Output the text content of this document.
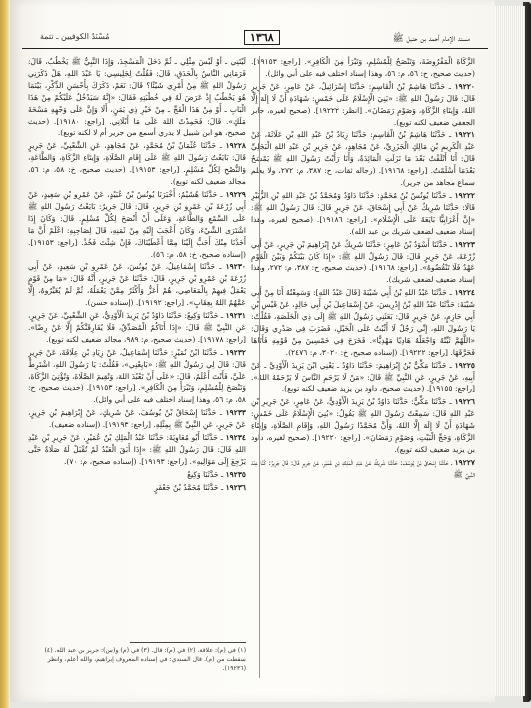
مسند الإمام أحمد بن حنبل ﷺ
١٣٦٨
مُسْنَدُ الكوفيين ـ تتمة

الزَّكَاةَ الْمَفْرُوضَةَ، وَتَنْصَحُ لِلْمُسْلِمِ، وَتَبْرَأُ مِنَ الْكَافِرِ». [راجع: ١٩١٥٣]. (حديث صحيح، ح: ٥٦، م: ٥٦، وهذا إسناد اختلف فيه على أبي وائل).

١٩٢٢٠ ـ حَدَّثَنَا هَاشِمُ بْنُ الْقَاسِمِ: حَدَّثَنَا إِسْرَائِيلُ، عَنْ عَامِرٍ، عَنْ جَرِيرٍ قَالَ: قَالَ رَسُولُ اللهِ ﷺ: «بَنِيَ الْإِسْلَامُ عَلَى خَمْسٍ: شَهَادَةِ أَنْ لَا إِلَهَ إِلَّا اللهُ، وَإِيتَاءِ الزَّكَاةِ، وَصَوْمِ رَمَضَانَ». [انظر: ١٩٢٢٢]. (صحيح لغيره، جابر الجعفي ضعيف لكنه توبع).

١٩٢٢١ ـ حَدَّثَنَا هَاشِمُ بْنُ الْقَاسِمِ: حَدَّثَنَا زِيَادُ بْنُ عَبْدِ اللهِ بْنِ عَلَاثَةَ، عَنْ عَبْدِ الْكَرِيمِ بْنِ مَالِكٍ الْجَزَرِيِّ، عَنْ مُجَاهِدٍ، عَنْ جَرِيرِ بْنِ عَبْدِ اللهِ الْبَجَلِيِّ قَالَ: أَنَا أَتْلَفْتُ بَعْدَ مَا نَزَلَتِ الْمَائِدَةُ، وَأَنَا رَأَيْتُ رَسُولَ اللهِ ﷺ يَمْسَحُ بَعْدَمَا أَسْلَمْتُ. [راجع: ١٩١٦٨]. (رجاله ثقات، ح: ٣٨٧، م: ٢٧٢، ولا يعلم سماع مجاهد من جرير).

١٩٢٢٢ ـ حَدَّثَنَا يُونُسُ بْنُ مُحَمَّدٍ: حَدَّثَنَا دَاوُدُ وَمُحَمَّدٌ بْنُ عَبْدِ اللهِ بْنِ الزُّبَيْرِ قَالَا: حَدَّثَنَا شَرِيكٌ عَنْ أَبِي إِسْحَاقَ، عَنْ جَرِيرٍ قَالَ: قَالَ رَسُولُ اللهِ ﷺ: «إِنَّ أَعْرَابِيًّا بَايَعَهُ عَلَى الْإِسْلَامِ». [راجع: ١٩١٨٦]. (صحيح لغيره، وهذا إسناد ضعيف لضعف شريك بن عبد الله).

١٩٢٢٣ ـ حَدَّثَنَا أَسْوَدُ بْنُ عَامِرٍ: حَدَّثَنَا شَرِيكٌ عَنْ إِبْرَاهِيمَ بْنِ جَرِيرٍ، عَنْ أَبِي زُرْعَةَ، عَنْ جَرِيرٍ قَالَ: قَالَ رَسُولُ اللهِ ﷺ: «إِذَا كَانَ بَيْنَكُمْ وَبَيْنَ الْقَوْمِ عَهْدٌ فَلَا تَنْقُضُوهُ». [راجع: ١٩١٦٨]. (حديث صحيح، ح: ٣٨٧، م: ٢٧٢، وهذا إسناد ضعيف لضعف شريك).

١٩٢٢٤ ـ حَدَّثَنَا عَبْدُ اللهِ بْنُ أَبِي شَيْبَةَ [قَالَ عَبْدُ اللهِ]: وَسَمِعْتُهُ أَنَا مِنْ أَبِي شَيْبَةَ: حَدَّثَنَا عَبْدُ اللهِ بْنُ إِدْرِيسَ، عَنْ إِسْمَاعِيلَ بْنِ أَبِي خَالِدٍ، عَنْ قَيْسِ بْنِ أَبِي حَازِمٍ، عَنْ جَرِيرٍ قَالَ: بَعَثَنِي رَسُولُ اللهِ ﷺ إِلَى ذِي الْخَلَصَةِ، فَقُلْتُ: يَا رَسُولَ اللهِ، إِنِّي رَجُلٌ لَا أَثْبُتُ عَلَى الْخَيْلِ، فَضَرَبَ فِي صَدْرِي وَقَالَ: «اللَّهُمَّ ثَبِّتْهُ وَاجْعَلْهُ هَادِيًا مَهْدِيًّا». فَخَرَجَ فِي خَمْسِينَ مِنْ قَوْمِهِ فَأَتَاهَا فَحَرَّقَهَا. [راجع: ١٩٢٢٢]. (إسناده صحيح، خ: ٣٠٢٠، م: ٢٤٧٦).

١٩٢٢٥ ـ حَدَّثَنَا مَكِّيُّ بْنُ إِبْرَاهِيمَ: حَدَّثَنَا دَاوُدُ ـ يَعْنِي ابْنَ يَزِيدَ الْأَوْدِيَّ ـ عَنْ أَبِيهِ، عَنْ جَرِيرٍ، عَنِ النَّبِيِّ ﷺ قَالَ: «مَنْ لَا يَرْحَمِ النَّاسَ لَا يَرْحَمْهُ اللهُ». [راجع: ١٩١٥٥]. (حديث صحيح، داود بن يزيد ضعيف لكنه توبع).

١٩٢٢٦ ـ حَدَّثَنَا مَكِّيٌّ: حَدَّثَنَا دَاوُدُ بْنُ يَزِيدَ الْأَوْدِيُّ، عَنْ عَامِرٍ، عَنْ جَرِيرِ بْنِ عَبْدِ اللهِ قَالَ: سَمِعْتُ رَسُولَ اللهِ ﷺ يَقُولُ: «بُنِيَ الْإِسْلَامُ عَلَى خَمْسٍ: شَهَادَةِ أَنْ لَا إِلَهَ إِلَّا اللهُ، وَأَنَّ مُحَمَّدًا رَسُولُ اللهِ، وَإِقَامِ الصَّلَاةِ، وَإِيتَاءِ الزَّكَاةِ، وَحَجِّ الْبَيْتِ، وَصَوْمِ رَمَضَانَ». [راجع: ١٩٢٢٠]. (صحيح لغيره، داود بن يزيد ضعيف لكنه توبع).

١٩٢٢٧ ـ حَدَّثَنَا إِسْحَاقُ بْنُ يُوسُفَ: حَدَّثَنَا شَرِيكٌ عَنْ عَبْدِ الْمَلِكِ بْنِ عُمَيْرٍ، عَنْ جَرِيرٍ قَالَ: قَالَ جَرِيرٌ: كُنَّا عِنْدَ النَّبِيِّ ﷺ

لَيْتَنِي ـ أَوْ لَيْسَ مِثْلِي ـ ثُمَّ دَخَلَ الْمَسْجِدَ، وَإِذَا النَّبِيُّ ﷺ يَخْطُبُ، قَالَ: فَرَمَانِي النَّاسُ بِالْحَدَقِ، قَالَ: فَقُلْتُ لِجَلِيسِي: يَا عَبْدَ اللهِ، هَلْ ذَكَرَنِي رَسُولُ اللهِ ﷺ مِنْ أَمْرِي شَيْئًا؟ قَالَ: نَعَمْ، ذَكَرَكَ بِأَحْسَنِ الذِّكْرِ، بَيْنَمَا هُوَ يَخْطُبُ إِذْ عَرَضَ لَهُ فِي خُطْبَتِهِ فَقَالَ: «إِنَّهُ سَيَدْخُلُ عَلَيْكُمْ مِنْ هَذَا الْبَابِ ـ أَوْ مِنْ هَذَا الْفَجِّ ـ مِنْ خَيْرِ ذِي يَمَنٍ، أَلَا وَإِنَّ عَلَى وَجْهِهِ مَسْحَةَ مَلَكٍ». قَالَ: فَحَمِدْتُ اللهَ عَلَى مَا أَبْلَانِي. [راجع: ١٩١٨٠]. (حديث صحيح، هو ابن شبيل لا يدري أسمع من جرير أم لا لكنه توبع).

١٩٢٢٨ ـ حَدَّثَنَا عُثْمَانُ بْنُ مُحَمَّدٍ، عَنْ مُجَاهِدٍ، عَنِ الشَّعْبِيِّ، عَنْ جَرِيرٍ قَالَ: بَايَعْتُ رَسُولَ اللهِ ﷺ عَلَى إِقَامِ الصَّلَاةِ، وَإِيتَاءِ الزَّكَاةِ، وَالطَّاعَةِ، وَالنُّصْحِ لِكُلِّ مُسْلِمٍ. [راجع: ١٩١٥٣]. (حديث صحيح، خ: ٥٨، م: ٥٦، مجالد ضعيف لكنه توبع).

١٩٢٢٩ ـ حَدَّثَنَا هُشَيْمٌ: أَخْبَرَنَا يُونُسُ بْنُ عُبَيْدٍ، عَنْ عَمْرِو بْنِ سَعِيدٍ، عَنْ أَبِي زُرْعَةَ بْنِ عَمْرِو بْنِ جَرِيرٍ، قَالَ: قَالَ جَرِيرٌ: بَايَعْتُ رَسُولَ اللهِ ﷺ عَلَى السَّمْعِ وَالطَّاعَةِ، وَعَلَى أَنْ أَنْصَحَ لِكُلِّ مُسْلِمٍ. قَالَ: وَكَانَ إِذَا اشْتَرَى الشَّيْءَ، وَكَانَ أَعْجَبَ إِلَيْهِ مِنْ ثَمَنِهِ، قَالَ لِصَاحِبِهِ: اعْلَمْ أَنَّ مَا أَخَذْنَا مِنْكَ أَحَبُّ إِلَيْنَا مِمَّا أَعْطَيْنَاكَ، فَإِنْ شِئْتَ فَخُذْ. [راجع: ١٩١٥٣]. (إسناده صحيح، خ: ٥٨، م: ٥٦).

١٩٢٣٠ ـ حَدَّثَنَا إِسْمَاعِيلُ، عَنْ يُونُسَ، عَنْ عَمْرِو بْنِ سَعِيدٍ، عَنْ أَبِي زُرْعَةَ بْنِ عَمْرِو بْنِ جَرِيرٍ، قَالَ: حَدَّثَنَا عَنْ جَرِيرٍ، أَنَّهُ قَالَ: «مَا مِنْ قَوْمٍ يَعْمَلُ فِيهِمْ بِالْمَعَاصِي، هُمْ أَعَزُّ وَأَكْثَرُ مِمَّنْ يَعْمَلُهُ، ثُمَّ لَمْ يُغَيِّرُوهُ، إِلَّا عَمَّهُمُ اللهُ بِعِقَابٍ». [راجع: ١٩١٩٢]. (إسناده حسن).

١٩٢٣١ ـ حَدَّثَنَا وَكِيعٌ: حَدَّثَنَا دَاوُدُ بْنُ يَزِيدَ الْأَوْدِيُّ، عَنِ الشَّعْبِيِّ، عَنْ جَرِيرٍ، عَنِ النَّبِيِّ ﷺ قَالَ: «إِذَا أَتَاكُمُ الْمُصَدِّقُ، فَلَا يُفَارِقَنَّكُمْ إِلَّا عَنْ رِضًا». [راجع: ١٩١٧٨]. (حديث صحيح، م: ٩٨٩، مجالد ضعيف لكنه توبع).

١٩٢٣٢ ـ حَدَّثَنَا ابْنُ نُمَيْرٍ: حَدَّثَنَا إِسْمَاعِيلُ، عَنْ زِيَادِ بْنِ عِلَاقَةَ، عَنْ جَرِيرٍ قَالَ: قَالَ لِي رَسُولُ اللهِ ﷺ: «بَايِعْنِي»، فَقُلْتُ: يَا رَسُولَ اللهِ، اشْتَرِطْ عَلَيَّ، فَأَنْتَ أَعْلَمُ، قَالَ: «عَلَى أَنْ تَعْبُدَ اللهَ، وَتُقِيمَ الصَّلَاةَ، وَتُؤْتِيَ الزَّكَاةَ، وَتَنْصَحَ لِلْمُسْلِمِ، وَتَبْرَأَ مِنَ الْكَافِرِ». [راجع: ١٩١٥٣]. (حديث صحيح، ح: ٥٨، م: ٥٦، وهذا إسناد اختلف فيه على أبي وائل).

١٩٢٣٣ ـ حَدَّثَنَا إِسْحَاقُ بْنُ يُوسُفَ، عَنْ شَرِيكٍ، عَنْ إِبْرَاهِيمَ بْنِ جَرِيرٍ، عَنْ جَرِيرٍ، عَنِ النَّبِيِّ ﷺ بِمِثْلِهِ. [راجع: ١٩١٩٣]. (إسناده ضعيف).

١٩٢٣٤ ـ حَدَّثَنَا أَبُو مُعَاوِيَةَ: حَدَّثَنَا عَبْدُ الْمَلِكِ بْنُ عُمَيْرٍ، عَنْ جَرِيرِ بْنِ عَبْدِ اللهِ قَالَ: قَالَ رَسُولُ اللهِ ﷺ: «إِذَا أَبَقَ الْعَبْدُ لَمْ تُقْبَلْ لَهُ صَلَاةٌ حَتَّى يَرْجِعَ إِلَى مَوَالِيهِ». [راجع: ١٩١٩٣]. (إسناده صحيح، م: ٧٠).

١٩٢٣٥ ـ حَدَّثَنَا وَكِيعٌ

١٩٢٣٦ ـ حَدَّثَنَا مُحَمَّدُ بْنُ جَعْفَرٍ

(١) في (م): علاقة. (٢) في (م): قال. (٣) في (م) و(س): جرير بن عبد الله. (٤) سقطت من (م). قال السندي: في إسناده المعروف إبراهيم، والله أعلم، وانظر (١٩٢٣٦).
